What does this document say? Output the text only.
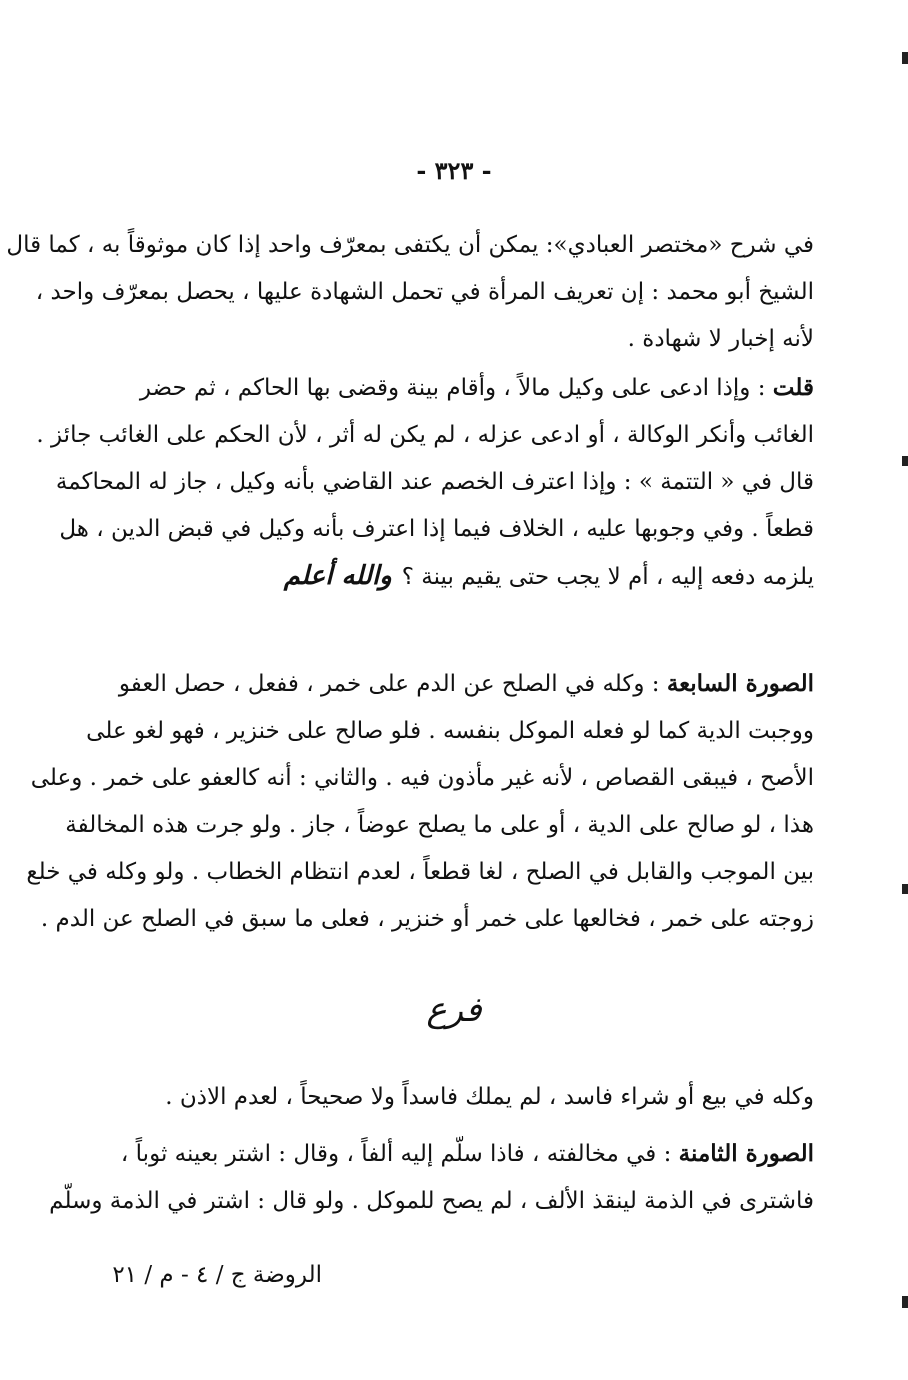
- ٣٢٣ -

في شرح «مختصر العبادي»: يمكن أن يكتفى بمعرّف واحد إذا كان موثوقاً به ، كما قال
الشيخ أبو محمد : إن تعريف المرأة في تحمل الشهادة عليها ، يحصل بمعرّف واحد ،
لأنه إخبار لا شهادة .

قلت : وإذا ادعى على وكيل مالاً ، وأقام بينة وقضى بها الحاكم ، ثم حضر
الغائب وأنكر الوكالة ، أو ادعى عزله ، لم يكن له أثر ، لأن الحكم على الغائب جائز .
قال في « التتمة » : وإذا اعترف الخصم عند القاضي بأنه وكيل ، جاز له المحاكمة
قطعاً . وفي وجوبها عليه ، الخلاف فيما إذا اعترف بأنه وكيل في قبض الدين ، هل
يلزمه دفعه إليه ، أم لا يجب حتى يقيم بينة ؟والله أعلم

الصورة السابعة : وكله في الصلح عن الدم على خمر ، ففعل ، حصل العفو
ووجبت الدية كما لو فعله الموكل بنفسه . فلو صالح على خنزير ، فهو لغو على
الأصح ، فيبقى القصاص ، لأنه غير مأذون فيه . والثاني : أنه كالعفو على خمر . وعلى
هذا ، لو صالح على الدية ، أو على ما يصلح عوضاً ، جاز . ولو جرت هذه المخالفة
بين الموجب والقابل في الصلح ، لغا قطعاً ، لعدم انتظام الخطاب . ولو وكله في خلع
زوجته على خمر ، فخالعها على خمر أو خنزير ، فعلى ما سبق في الصلح عن الدم .

فرع

وكله في بيع أو شراء فاسد ، لم يملك فاسداً ولا صحيحاً ، لعدم الاذن .

الصورة الثامنة : في مخالفته ، فاذا سلّم إليه ألفاً ، وقال : اشتر بعينه ثوباً ،
فاشترى في الذمة لينقذ الألف ، لم يصح للموكل . ولو قال : اشتر في الذمة وسلّم

الروضة ج / ٤ - م / ٢١
